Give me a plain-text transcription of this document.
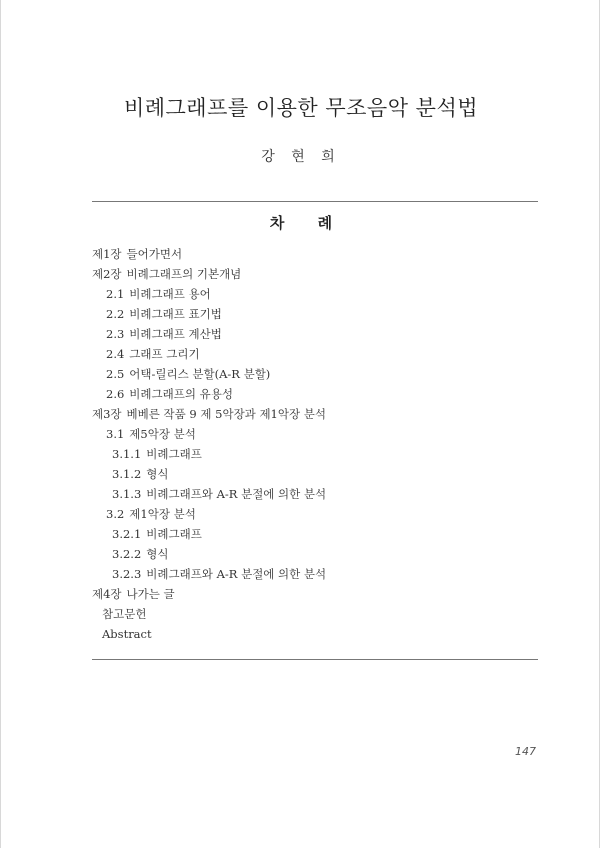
비례그래프를 이용한 무조음악 분석법
강 현 희
차 례
제1장 들어가면서
제2장 비례그래프의 기본개념
2.1 비례그래프 용어
2.2 비례그래프 표기법
2.3 비례그래프 계산법
2.4 그래프 그리기
2.5 어택-릴리스 분할(A-R 분할)
2.6 비례그래프의 유용성
제3장 베베른 작품 9 제 5악장과 제1악장 분석
3.1 제5악장 분석
3.1.1 비례그래프
3.1.2 형식
3.1.3 비례그래프와 A-R 분절에 의한 분석
3.2 제1악장 분석
3.2.1 비례그래프
3.2.2 형식
3.2.3 비례그래프와 A-R 분절에 의한 분석
제4장 나가는 글
참고문헌
Abstract
147
